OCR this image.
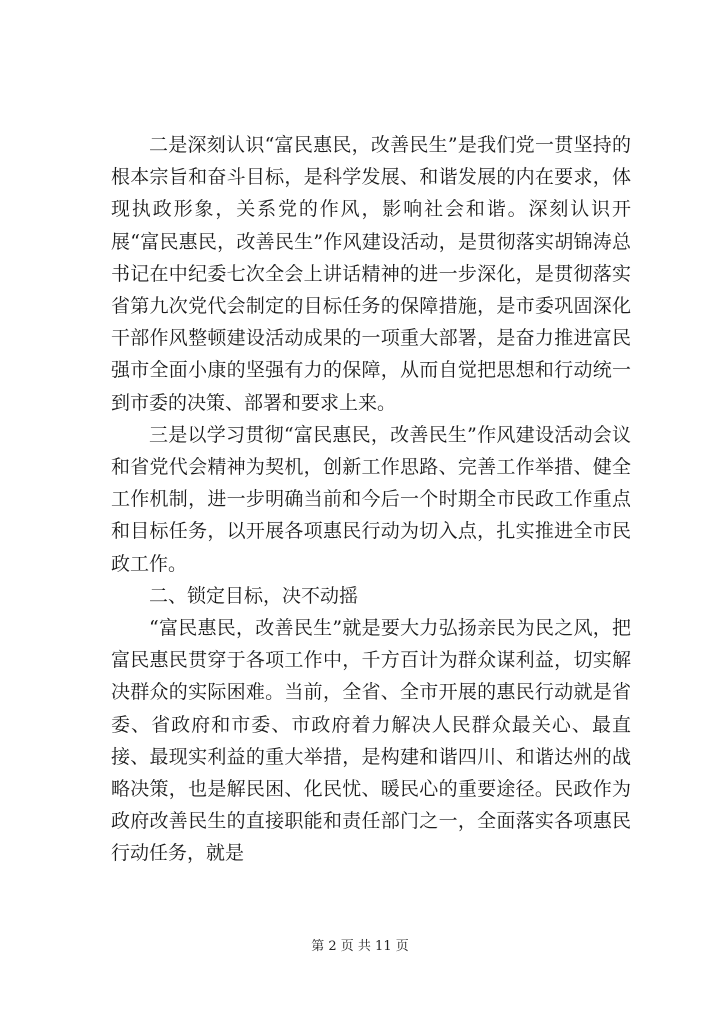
二是深刻认识“富民惠民，改善民生”是我们党一贯坚持的根本宗旨和奋斗目标，是科学发展、和谐发展的内在要求，体现执政形象，关系党的作风，影响社会和谐。深刻认识开展“富民惠民，改善民生”作风建设活动，是贯彻落实胡锦涛总书记在中纪委七次全会上讲话精神的进一步深化，是贯彻落实省第九次党代会制定的目标任务的保障措施，是市委巩固深化干部作风整顿建设活动成果的一项重大部署，是奋力推进富民强市全面小康的坚强有力的保障，从而自觉把思想和行动统一到市委的决策、部署和要求上来。

三是以学习贯彻“富民惠民，改善民生”作风建设活动会议和省党代会精神为契机，创新工作思路、完善工作举措、健全工作机制，进一步明确当前和今后一个时期全市民政工作重点和目标任务，以开展各项惠民行动为切入点，扎实推进全市民政工作。

二、锁定目标，决不动摇

“富民惠民，改善民生”就是要大力弘扬亲民为民之风，把富民惠民贯穿于各项工作中，千方百计为群众谋利益，切实解决群众的实际困难。当前，全省、全市开展的惠民行动就是省委、省政府和市委、市政府着力解决人民群众最关心、最直接、最现实利益的重大举措，是构建和谐四川、和谐达州的战略决策，也是解民困、化民忧、暖民心的重要途径。民政作为政府改善民生的直接职能和责任部门之一，全面落实各项惠民行动任务，就是

第 2 页 共 11 页
